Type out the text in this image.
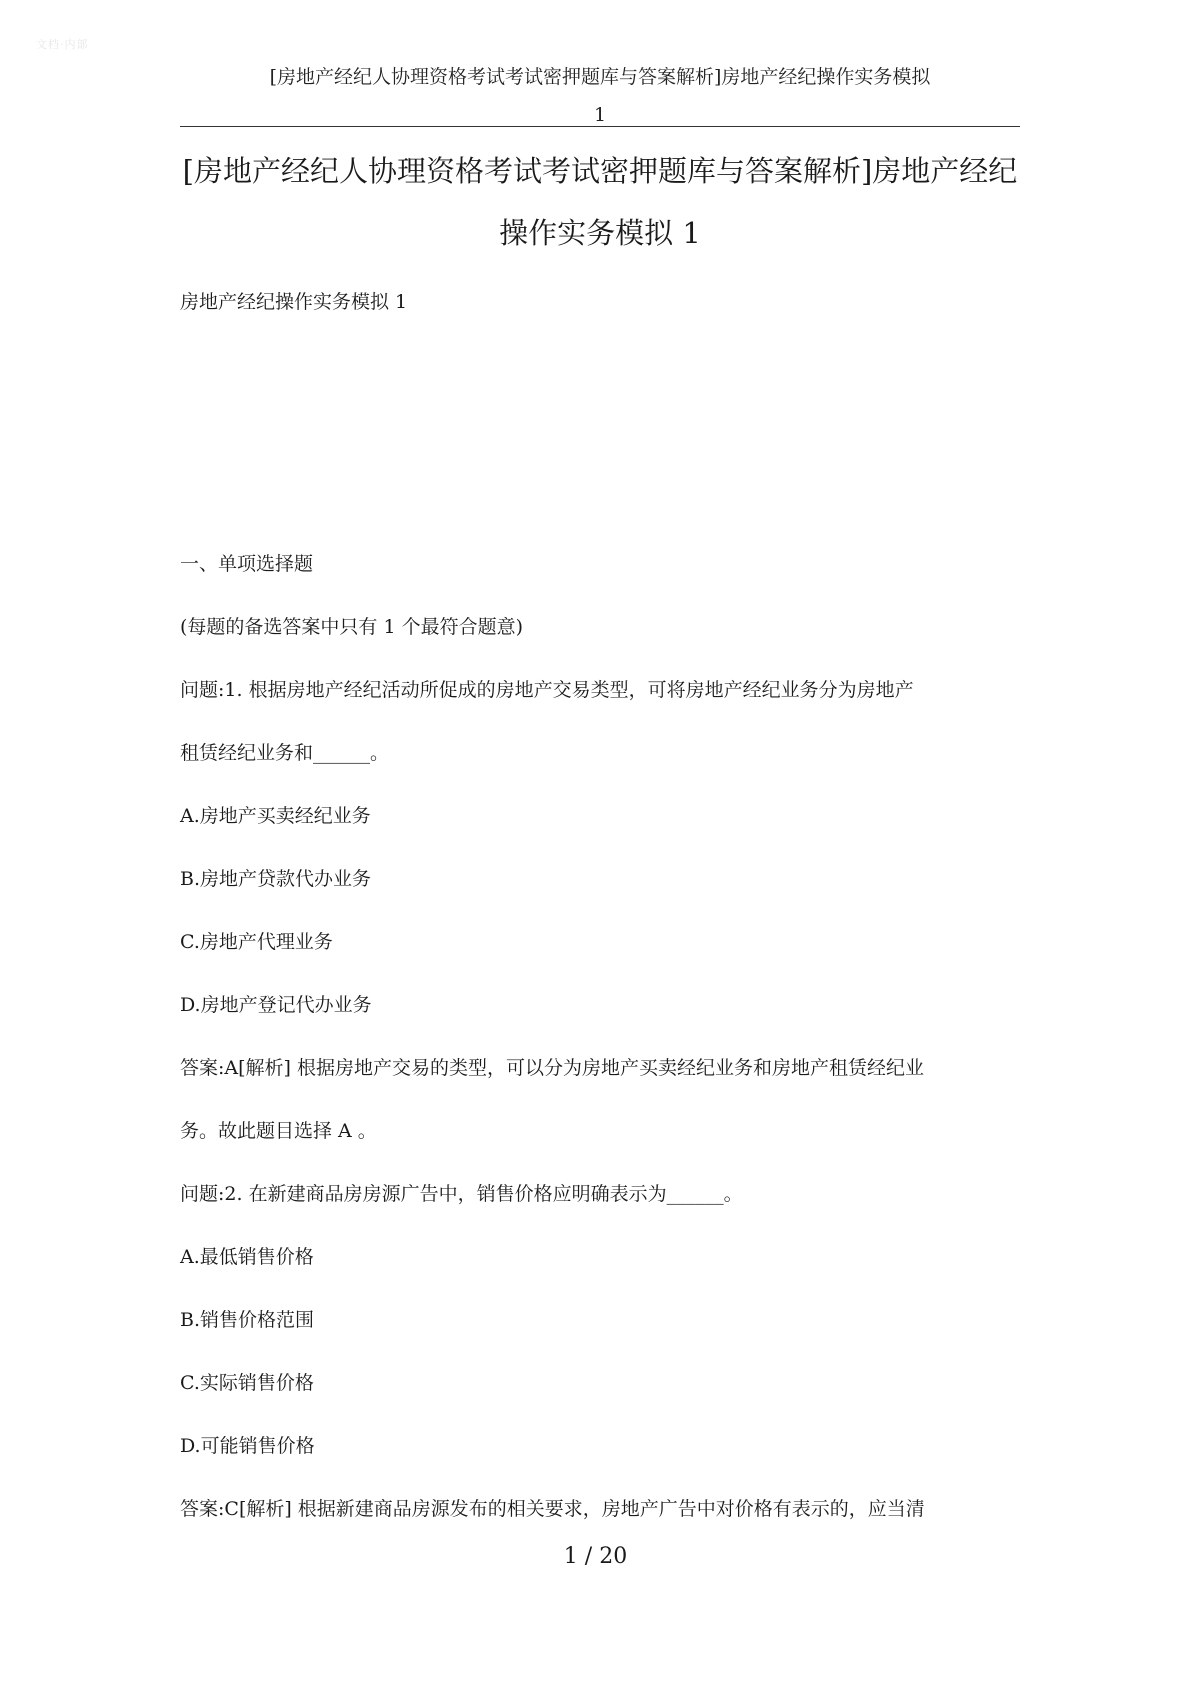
文档·内部
[房地产经纪人协理资格考试考试密押题库与答案解析]房地产经纪操作实务模拟
1
[房地产经纪人协理资格考试考试密押题库与答案解析]房地产经纪
操作实务模拟 1
房地产经纪操作实务模拟 1

一、单项选择题

(每题的备选答案中只有 1 个最符合题意)

问题:1. 根据房地产经纪活动所促成的房地产交易类型，可将房地产经纪业务分为房地产

租赁经纪业务和______。

A.房地产买卖经纪业务

B.房地产贷款代办业务

C.房地产代理业务

D.房地产登记代办业务

答案:A[解析] 根据房地产交易的类型，可以分为房地产买卖经纪业务和房地产租赁经纪业

务。故此题目选择 A 。

问题:2. 在新建商品房房源广告中，销售价格应明确表示为______。

A.最低销售价格

B.销售价格范围

C.实际销售价格

D.可能销售价格

答案:C[解析] 根据新建商品房源发布的相关要求，房地产广告中对价格有表示的，应当清

1 / 20
